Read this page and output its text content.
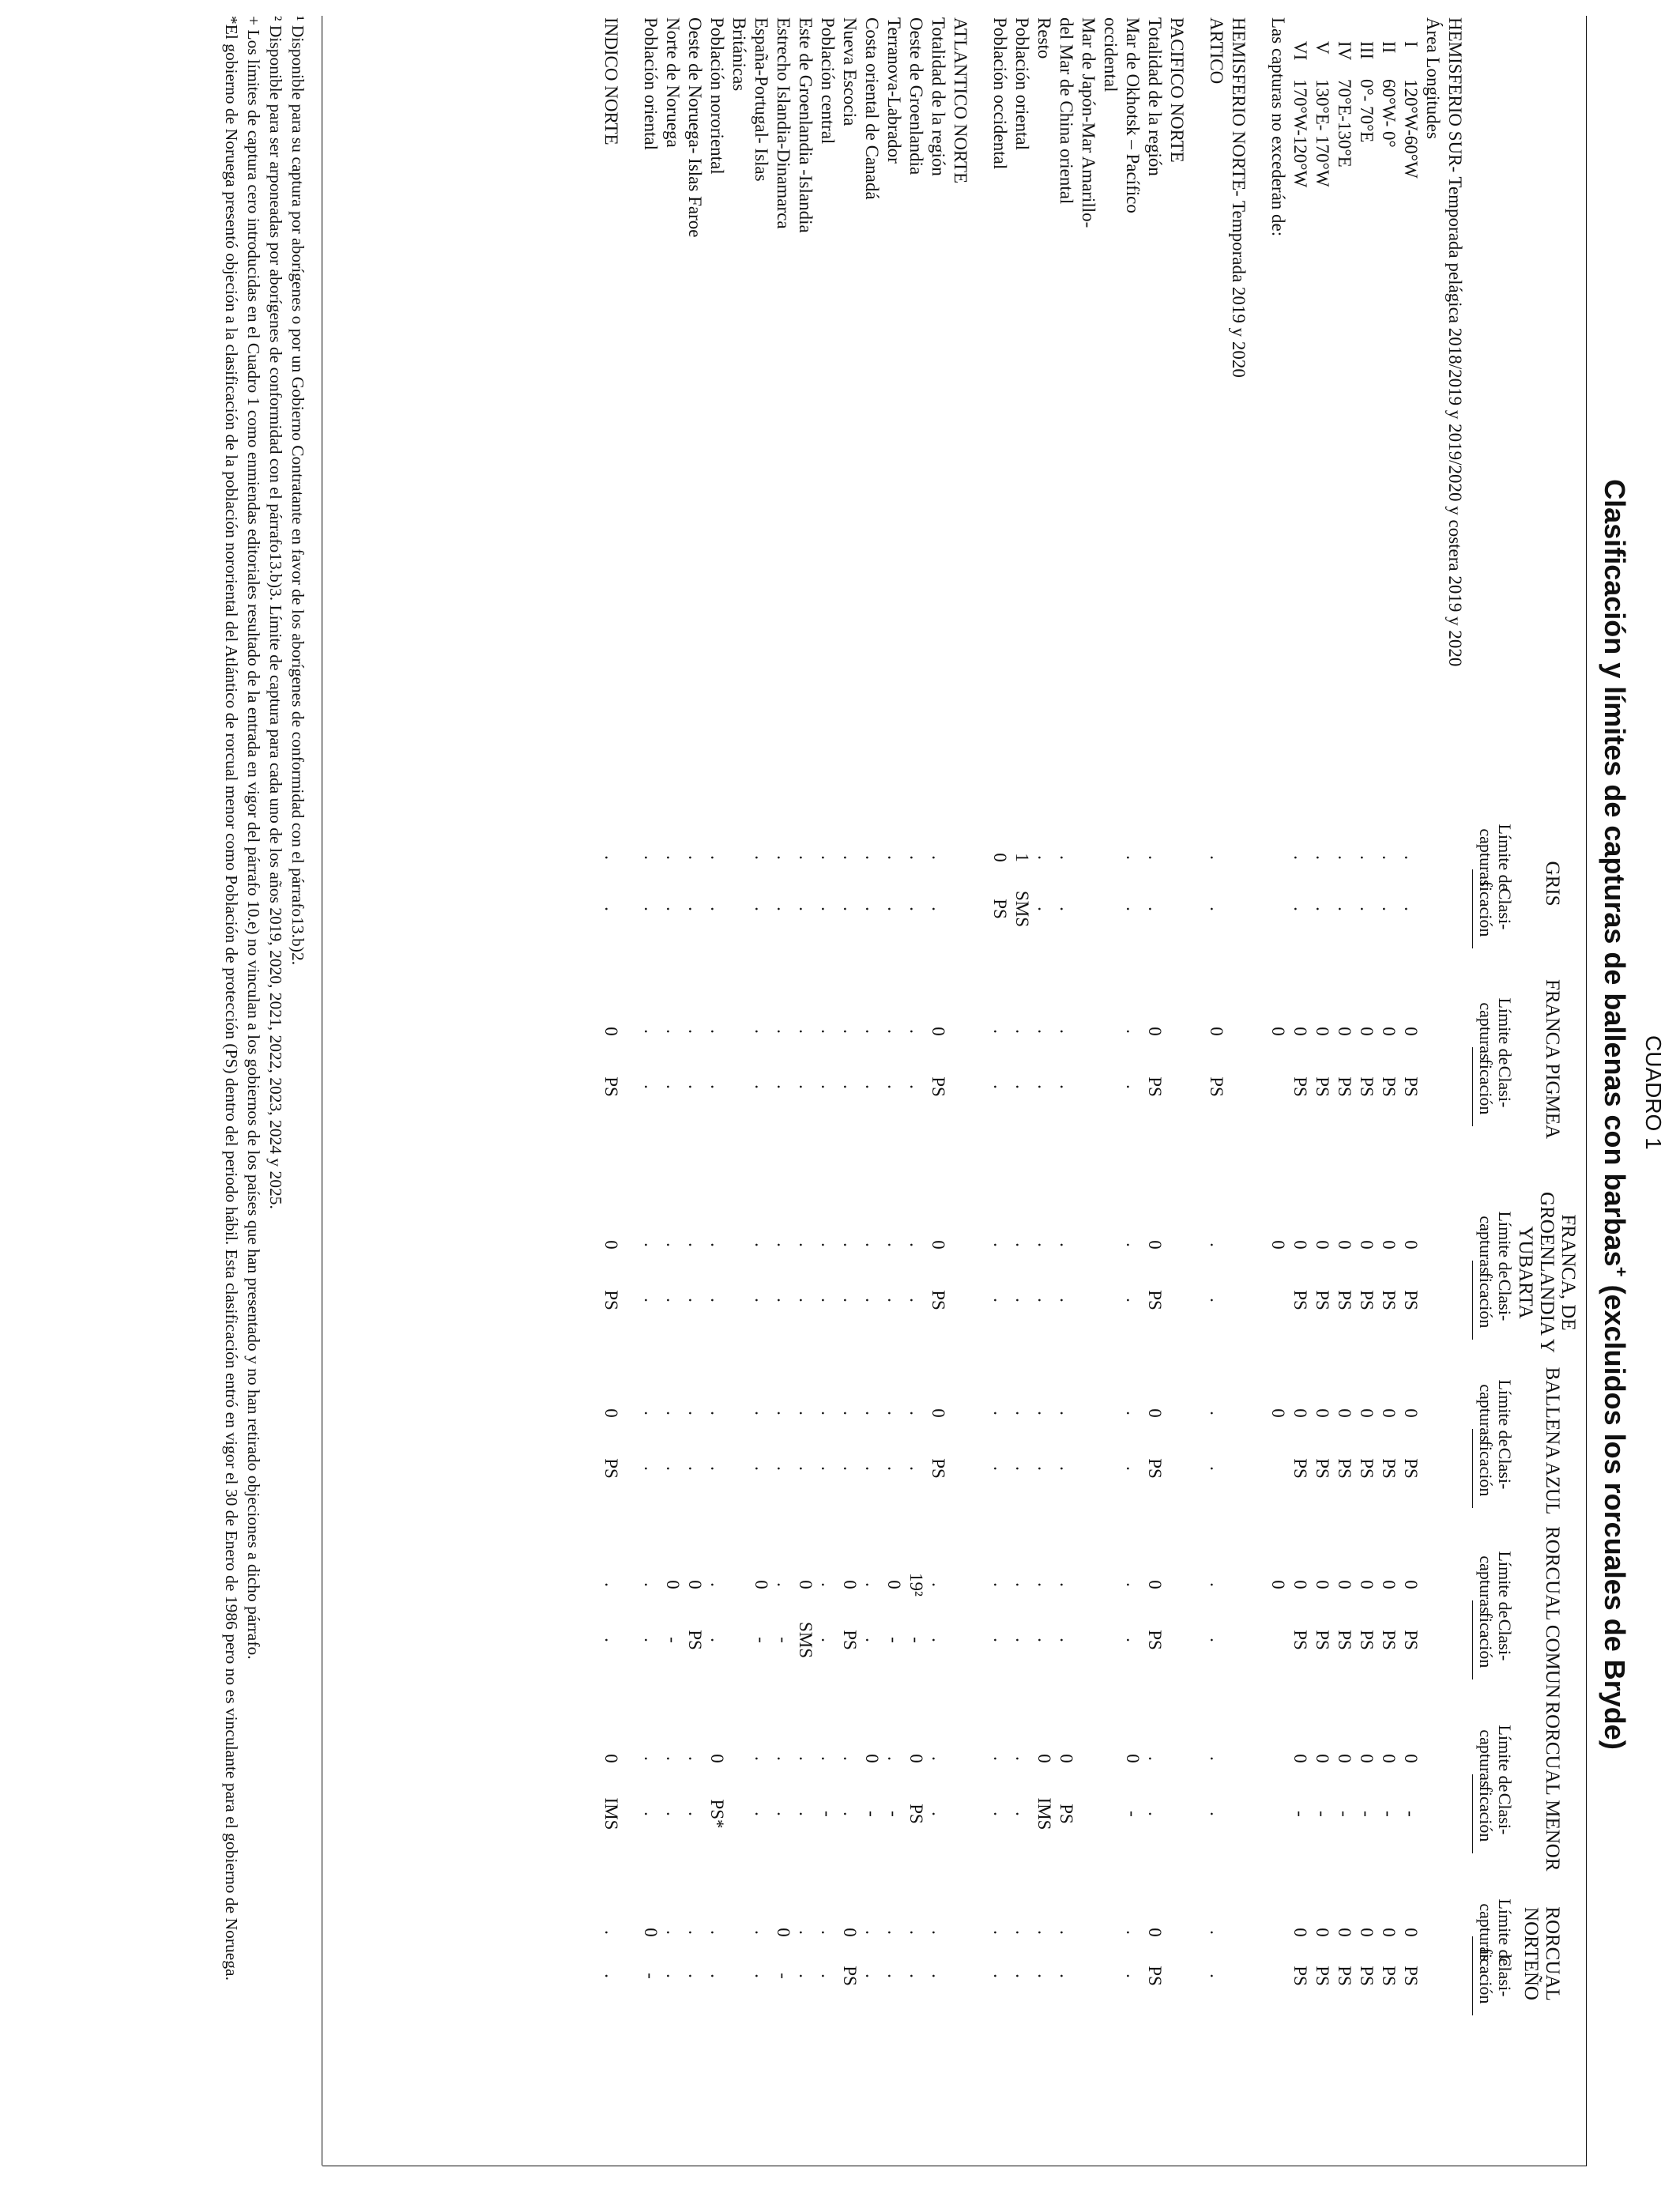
CUADRO 1
Clasificación y límites de capturas de ballenas con barbas+ (excluidos los rorcuales de Bryde)
RORCUAL NORTEÑO
RORCUAL MENOR
RORCUAL COMUN
BALLENA AZUL
FRANCA, DE GROENLANDIA Y YUBARTA
FRANCA PIGMEA
GRIS
Clasi- ficación
Límite de capturas
Clasi- ficación
Límite de capturas
Clasi- ficación
Límite de capturas
Clasi- ficación
Límite de capturas
Clasi- ficación
Límite de capturas
Clasi- ficación
Límite de capturas
Clasi- ficación
Límite de capturas
HEMISFERIO SUR- Temporada pelágica 2018/2019 y 2019/2020 y costera 2019 y 2020
Área Longitudes
I
120°W-60°W
PS
0
-
0
PS
0
PS
0
PS
0
PS
0
.
.
II
60°W- 0°
PS
0
-
0
PS
0
PS
0
PS
0
PS
0
.
.
III
0°- 70°E
PS
0
-
0
PS
0
PS
0
PS
0
PS
0
.
.
IV
70°E-130°E
PS
0
-
0
PS
0
PS
0
PS
0
PS
0
.
.
V
130°E- 170°W
PS
0
-
0
PS
0
PS
0
PS
0
PS
0
.
.
VI
170°W-120°W
PS
0
-
0
PS
0
PS
0
PS
0
PS
0
.
.
Las capturas no excederán de:
0
0
0
0
HEMISFERIO NORTE- Temporada 2019 y 2020
ARTICO
.
.
.
.
.
.
.
.
.
.
PS
0
.
.
PACIFICO NORTE
Totalidad de la región
PS
0
.
.
PS
0
PS
0
PS
0
PS
0
.
.
Mar de Okhotsk – Pacífico
.
.
-
0
.
.
.
.
.
.
.
.
.
.
occidental
Mar de Japón-Mar Amarillo-
del Mar de China oriental
.
.
PS
0
.
.
.
.
.
.
.
.
.
.
Resto
.
.
IMS
0
.
.
.
.
.
.
.
.
.
.
Población oriental
.
.
.
.
.
.
.
.
.
.
.
.
SMS
1
Población occidental
.
.
.
.
.
.
.
.
.
.
.
.
PS
0
ATLANTICO NORTE
Totalidad de la región
.
.
.
.
.
.
PS
0
PS
0
PS
0
.
.
Oeste de Groenlandia
.
.
PS
0
-
19²
.
.
.
.
.
.
.
.
Terranova-Labrador
.
.
-
.
-
0
.
.
.
.
.
.
.
.
Costa oriental de Canadá
.
.
-
0
.
.
.
.
.
.
.
.
.
.
Nueva Escocia
PS
0
.
.
PS
0
.
.
.
.
.
.
.
.
Población central
.
.
-
.
.
.
.
.
.
.
.
.
.
.
Este de Groenlandia -Islandia
.
.
.
.
SMS
0
.
.
.
.
.
.
.
.
Estrecho Islandia-Dinamarca
-
0
.
.
-
.
.
.
.
.
.
.
.
.
España-Portugal- Islas
.
.
.
.
-
0
.
.
.
.
.
.
.
.
Británicas
Población nororiental
.
.
PS*
0
.
.
.
.
.
.
.
.
.
.
Oeste de Noruega- Islas Faroe
.
.
.
.
PS
0
.
.
.
.
.
.
.
.
Norte de Noruega
.
.
.
.
-
0
.
.
.
.
.
.
.
.
Población oriental
-
0
.
.
.
.
.
.
.
.
.
.
.
.
INDICO NORTE
.
.
IMS
0
.
.
PS
0
PS
0
PS
0
.
.
¹ Disponible para su captura por aborígenes o por un Gobierno Contratante en favor de los aborígenes de conformidad con el párrafo13.b)2.
² Disponible para ser arponeadas por aborígenes de conformidad con el párrafo13.b)3. Límite de captura para cada uno de los años 2019, 2020, 2021, 2022, 2023, 2024 y 2025.
+ Los límites de captura cero introducidas en el Cuadro 1 como enmiendas editoriales resultado de la entrada en vigor del párrafo 10.e) no vinculan a los gobiernos de los países que han presentado y no han retirado objeciones a dicho párrafo.
*El gobierno de Noruega presentó objeción a la clasificación de la población nororiental del Atlántico de rorcual menor como Población de protección (PS) dentro del periodo hábil. Esta clasificación entró en vigor el 30 de Enero de 1986 pero no es vinculante para el gobierno de Noruega.
